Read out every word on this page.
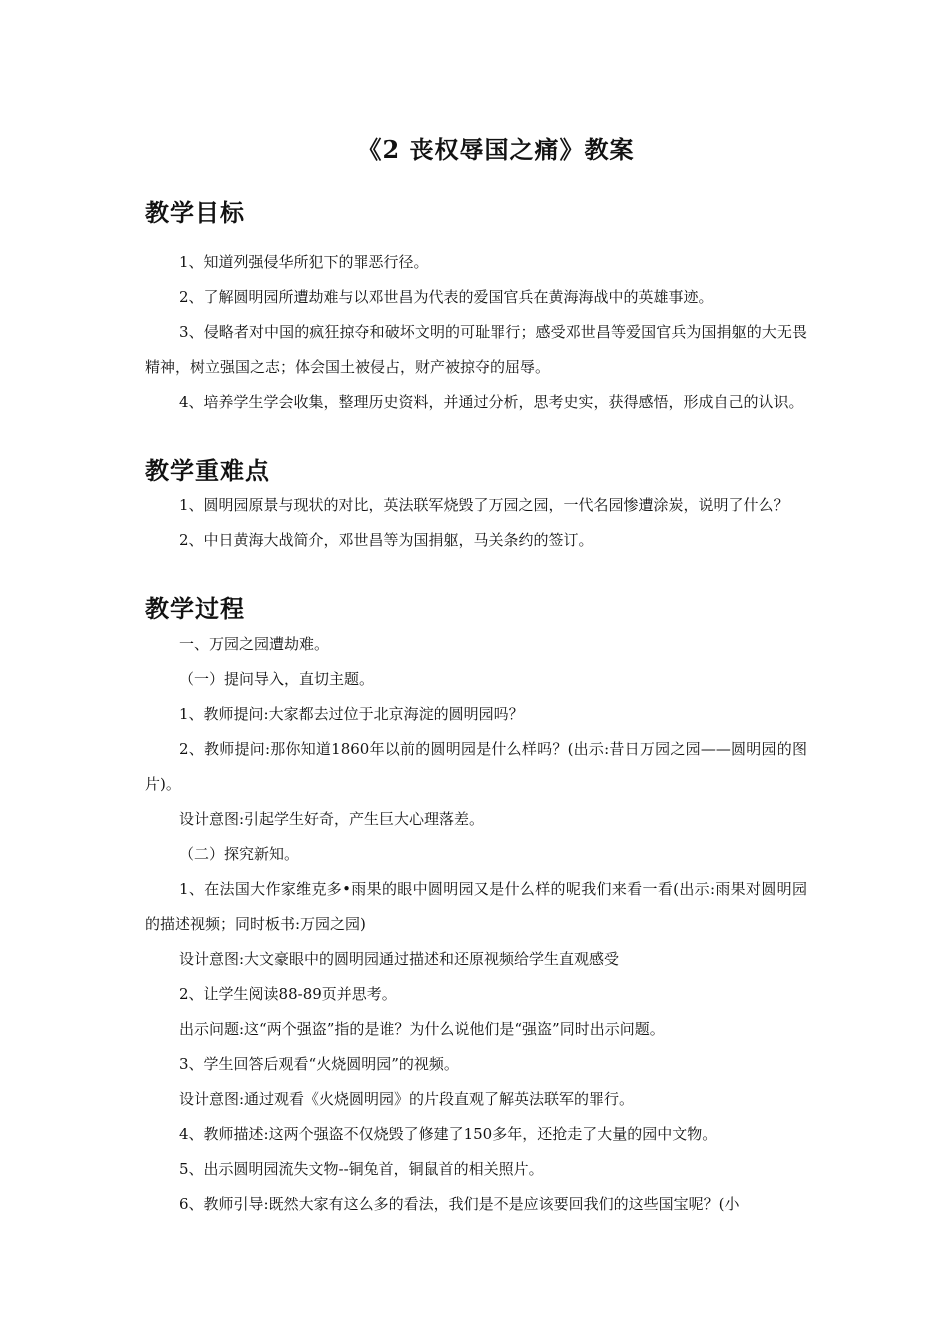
《2 丧权辱国之痛》教案
教学目标

1、知道列强侵华所犯下的罪恶行径。

2、了解圆明园所遭劫难与以邓世昌为代表的爱国官兵在黄海海战中的英雄事迹。

3、侵略者对中国的疯狂掠夺和破坏文明的可耻罪行；感受邓世昌等爱国官兵为国捐躯的大无畏精神，树立强国之志；体会国土被侵占，财产被掠夺的屈辱。

4、培养学生学会收集，整理历史资料，并通过分析，思考史实，获得感悟，形成自己的认识。

教学重难点

1、圆明园原景与现状的对比，英法联军烧毁了万园之园，一代名园惨遭涂炭，说明了什么？

2、中日黄海大战简介，邓世昌等为国捐躯，马关条约的签订。

教学过程

一、万园之园遭劫难。

（一）提问导入，直切主题。

1、教师提问:大家都去过位于北京海淀的圆明园吗？

2、教师提问:那你知道1860年以前的圆明园是什么样吗？(出示:昔日万园之园——圆明园的图片)。

设计意图:引起学生好奇，产生巨大心理落差。

（二）探究新知。

1、在法国大作家维克多•雨果的眼中圆明园又是什么样的呢我们来看一看(出示:雨果对圆明园的描述视频；同时板书:万园之园)

设计意图:大文豪眼中的圆明园通过描述和还原视频给学生直观感受

2、让学生阅读88-89页并思考。

出示问题:这“两个强盗”指的是谁？为什么说他们是“强盗”同时出示问题。

3、学生回答后观看“火烧圆明园”的视频。

设计意图:通过观看《火烧圆明园》的片段直观了解英法联军的罪行。

4、教师描述:这两个强盗不仅烧毁了修建了150多年，还抢走了大量的园中文物。

5、出示圆明园流失文物--铜兔首，铜鼠首的相关照片。

6、教师引导:既然大家有这么多的看法，我们是不是应该要回我们的这些国宝呢？(小
